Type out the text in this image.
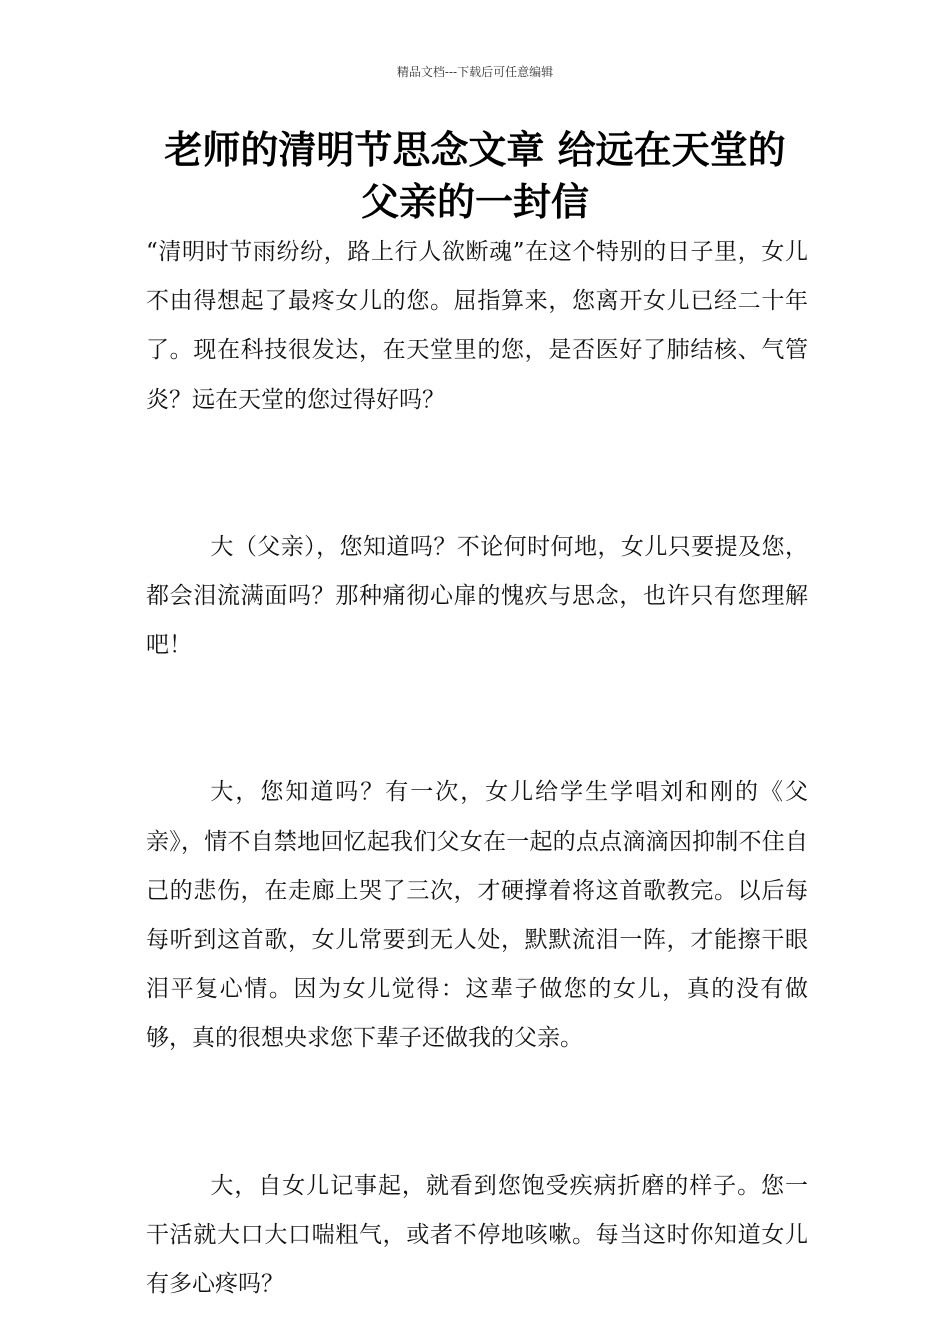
精品文档---下载后可任意编辑
老师的清明节思念文章 给远在天堂的
父亲的一封信

“清明时节雨纷纷，路上行人欲断魂”在这个特别的日子里，女儿不由得想起了最疼女儿的您。屈指算来，您离开女儿已经二十年了。现在科技很发达，在天堂里的您，是否医好了肺结核、气管炎？远在天堂的您过得好吗？

大（父亲），您知道吗？不论何时何地，女儿只要提及您，都会泪流满面吗？那种痛彻心扉的愧疚与思念，也许只有您理解吧！

大，您知道吗？有一次，女儿给学生学唱刘和刚的《父亲》，情不自禁地回忆起我们父女在一起的点点滴滴因抑制不住自己的悲伤，在走廊上哭了三次，才硬撑着将这首歌教完。以后每每听到这首歌，女儿常要到无人处，默默流泪一阵，才能擦干眼泪平复心情。因为女儿觉得：这辈子做您的女儿，真的没有做够，真的很想央求您下辈子还做我的父亲。

大，自女儿记事起，就看到您饱受疾病折磨的样子。您一干活就大口大口喘粗气，或者不停地咳嗽。每当这时你知道女儿有多心疼吗？
